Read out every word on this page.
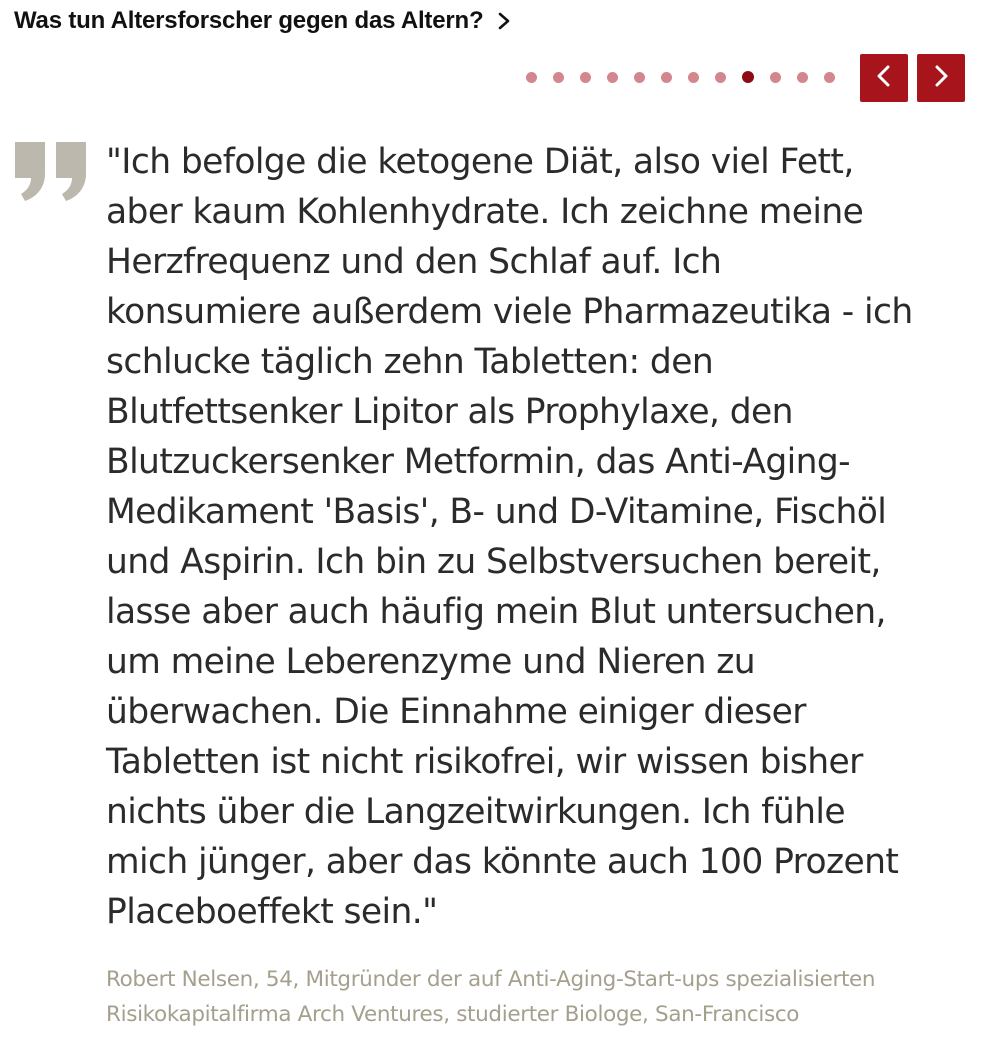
Was tun Altersforscher gegen das Altern?

"Ich befolge die ketogene Diät, also viel Fett,
aber kaum Kohlenhydrate. Ich zeichne meine
Herzfrequenz und den Schlaf auf. Ich
konsumiere außerdem viele Pharmazeutika - ich
schlucke täglich zehn Tabletten: den
Blutfettsenker Lipitor als Prophylaxe, den
Blutzuckersenker Metformin, das Anti-Aging-
Medikament 'Basis', B- und D-Vitamine, Fischöl
und Aspirin. Ich bin zu Selbstversuchen bereit,
lasse aber auch häufig mein Blut untersuchen,
um meine Leberenzyme und Nieren zu
überwachen. Die Einnahme einiger dieser
Tabletten ist nicht risikofrei, wir wissen bisher
nichts über die Langzeitwirkungen. Ich fühle
mich jünger, aber das könnte auch 100 Prozent
Placeboeffekt sein."

Robert Nelsen, 54, Mitgründer der auf Anti-Aging-Start-ups spezialisierten
Risikokapitalfirma Arch Ventures, studierter Biologe, San-Francisco
